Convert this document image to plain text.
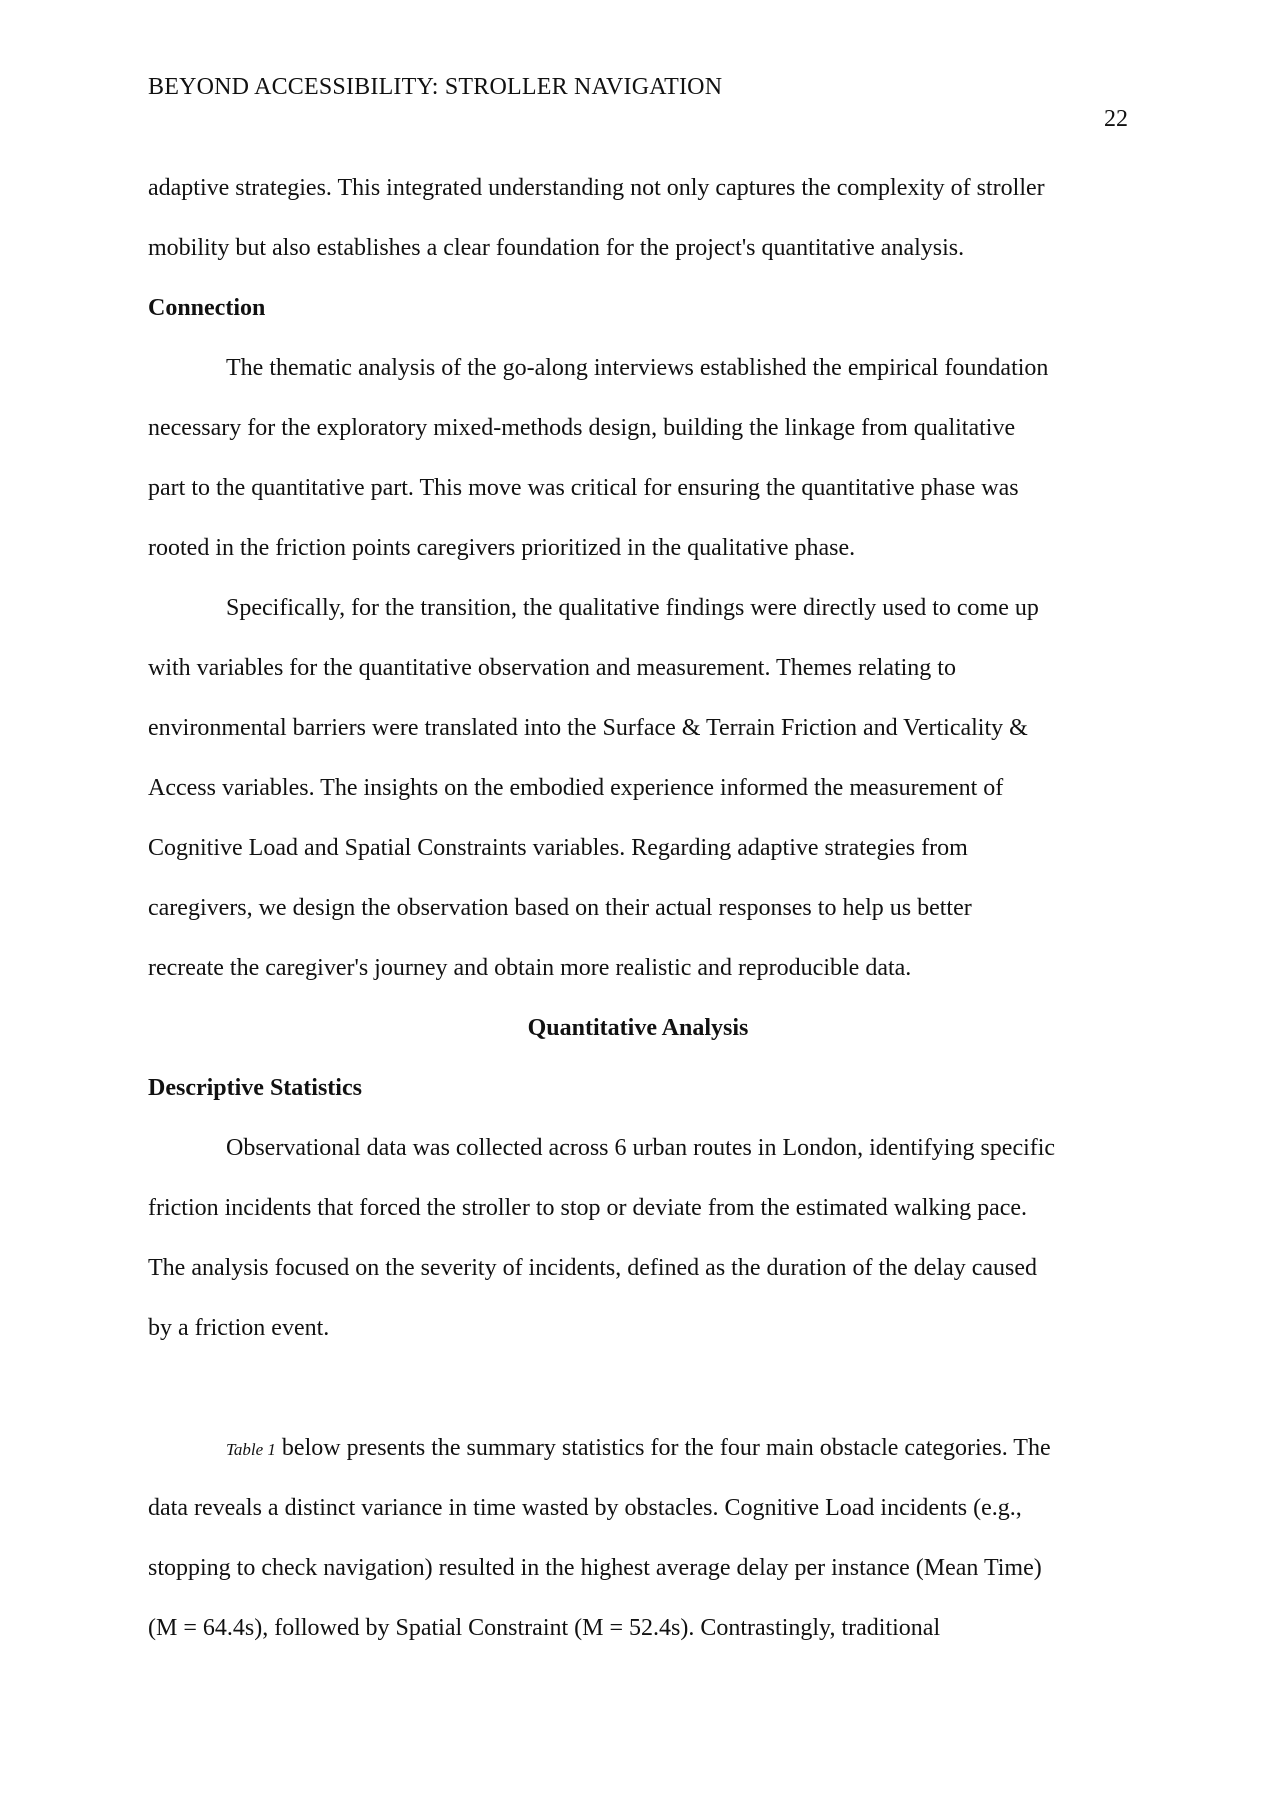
BEYOND ACCESSIBILITY: STROLLER NAVIGATION
22
adaptive strategies. This integrated understanding not only captures the complexity of stroller
mobility but also establishes a clear foundation for the project's quantitative analysis.
Connection
The thematic analysis of the go-along interviews established the empirical foundation
necessary for the exploratory mixed-methods design, building the linkage from qualitative
part to the quantitative part. This move was critical for ensuring the quantitative phase was
rooted in the friction points caregivers prioritized in the qualitative phase.
Specifically, for the transition, the qualitative findings were directly used to come up
with variables for the quantitative observation and measurement. Themes relating to
environmental barriers were translated into the Surface & Terrain Friction and Verticality &
Access variables. The insights on the embodied experience informed the measurement of
Cognitive Load and Spatial Constraints variables. Regarding adaptive strategies from
caregivers, we design the observation based on their actual responses to help us better
recreate the caregiver's journey and obtain more realistic and reproducible data.
Quantitative Analysis
Descriptive Statistics
Observational data was collected across 6 urban routes in London, identifying specific
friction incidents that forced the stroller to stop or deviate from the estimated walking pace.
The analysis focused on the severity of incidents, defined as the duration of the delay caused
by a friction event.
Table 1 below presents the summary statistics for the four main obstacle categories. The
data reveals a distinct variance in time wasted by obstacles. Cognitive Load incidents (e.g.,
stopping to check navigation) resulted in the highest average delay per instance (Mean Time)
(M = 64.4s), followed by Spatial Constraint (M = 52.4s). Contrastingly, traditional
